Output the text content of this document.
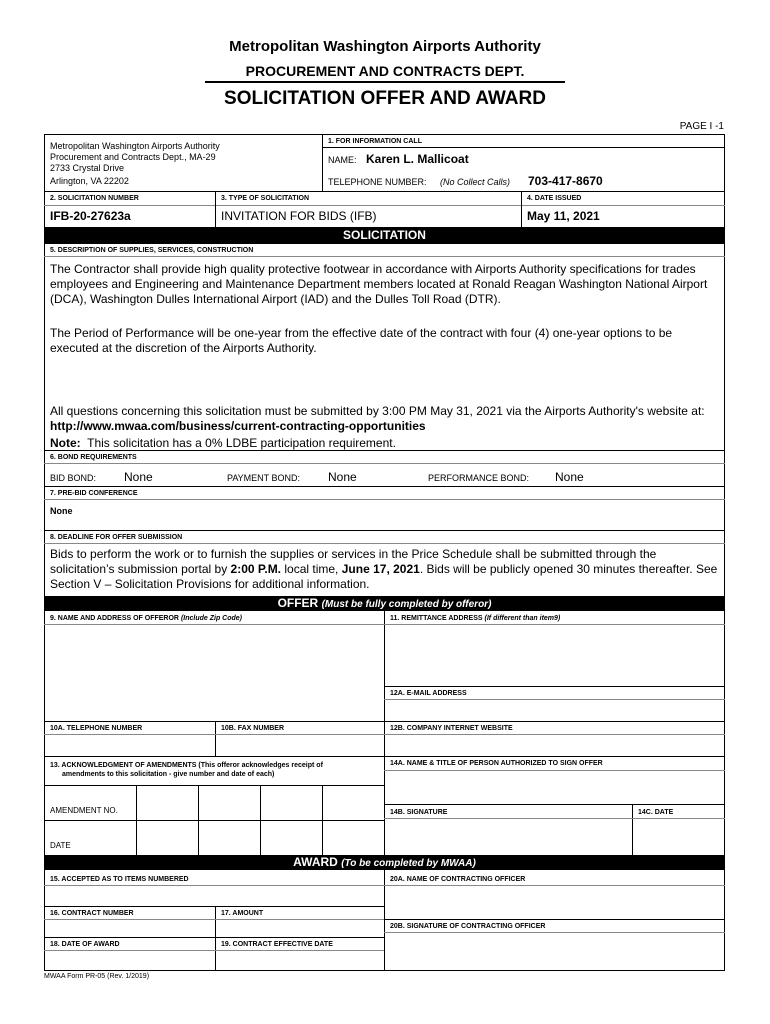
Metropolitan Washington Airports Authority
PROCUREMENT AND CONTRACTS DEPT.
SOLICITATION OFFER AND AWARD
PAGE I -1
Metropolitan Washington Airports Authority
Procurement and Contracts Dept., MA-29
2733 Crystal Drive
Arlington, VA 22202
1. FOR INFORMATION CALL
NAME: Karen L. Mallicoat
TELEPHONE NUMBER: (No Collect Calls) 703-417-8670
2. SOLICITATION NUMBER	3. TYPE OF SOLICITATION	4. DATE ISSUED
IFB-20-27623a	INVITATION FOR BIDS (IFB)	May 11, 2021
SOLICITATION
5. DESCRIPTION OF SUPPLIES, SERVICES, CONSTRUCTION
The Contractor shall provide high quality protective footwear in accordance with Airports Authority specifications for trades employees and Engineering and Maintenance Department members located at Ronald Reagan Washington National Airport (DCA), Washington Dulles International Airport (IAD) and the Dulles Toll Road (DTR).
The Period of Performance will be one-year from the effective date of the contract with four (4) one-year options to be executed at the discretion of the Airports Authority.
All questions concerning this solicitation must be submitted by 3:00 PM May 31, 2021 via the Airports Authority's website at: http://www.mwaa.com/business/current-contracting-opportunities
Note: This solicitation has a 0% LDBE participation requirement.
6. BOND REQUIREMENTS
BID BOND: None	PAYMENT BOND: None	PERFORMANCE BOND: None
7. PRE-BID CONFERENCE
None
8. DEADLINE FOR OFFER SUBMISSION
Bids to perform the work or to furnish the supplies or services in the Price Schedule shall be submitted through the solicitation’s submission portal by 2:00 P.M. local time, June 17, 2021. Bids will be publicly opened 30 minutes thereafter. See Section V – Solicitation Provisions for additional information.
OFFER (Must be fully completed by offeror)
9. NAME AND ADDRESS OF OFFEROR (Include Zip Code)	11. REMITTANCE ADDRESS (If different than item9)
12A. E-MAIL ADDRESS
10A. TELEPHONE NUMBER	10B. FAX NUMBER	12B. COMPANY INTERNET WEBSITE
13. ACKNOWLEDGMENT OF AMENDMENTS (This offeror acknowledges receipt of
amendments to this solicitation - give number and date of each)
14A. NAME & TITLE OF PERSON AUTHORIZED TO SIGN OFFER
AMENDMENT NO.
DATE
14B. SIGNATURE	14C. DATE
AWARD (To be completed by MWAA)
15. ACCEPTED AS TO ITEMS NUMBERED	20A. NAME OF CONTRACTING OFFICER
16. CONTRACT NUMBER	17. AMOUNT
20B. SIGNATURE OF CONTRACTING OFFICER
18. DATE OF AWARD	19. CONTRACT EFFECTIVE DATE
MWAA Form PR-05 (Rev. 1/2019)
